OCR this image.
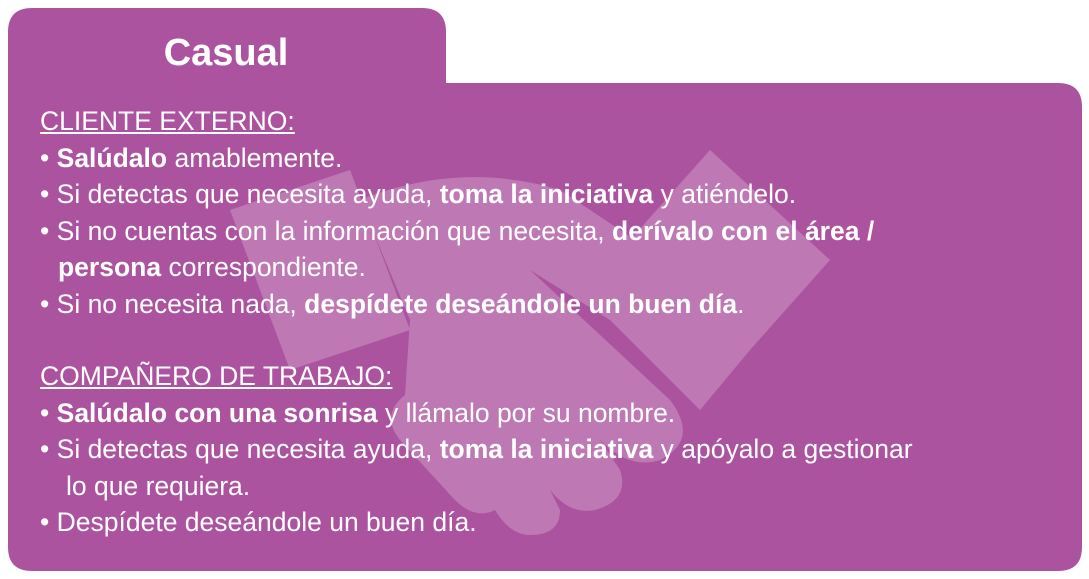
Casual
CLIENTE EXTERNO:
• Salúdalo amablemente.
• Si detectas que necesita ayuda, toma la iniciativa y atiéndelo.
• Si no cuentas con la información que necesita, derívalo con el área /
persona correspondiente.
• Si no necesita nada, despídete deseándole un buen día.
COMPAÑERO DE TRABAJO:
• Salúdalo con una sonrisa y llámalo por su nombre.
• Si detectas que necesita ayuda, toma la iniciativa y apóyalo a gestionar
lo que requiera.
• Despídete deseándole un buen día.
